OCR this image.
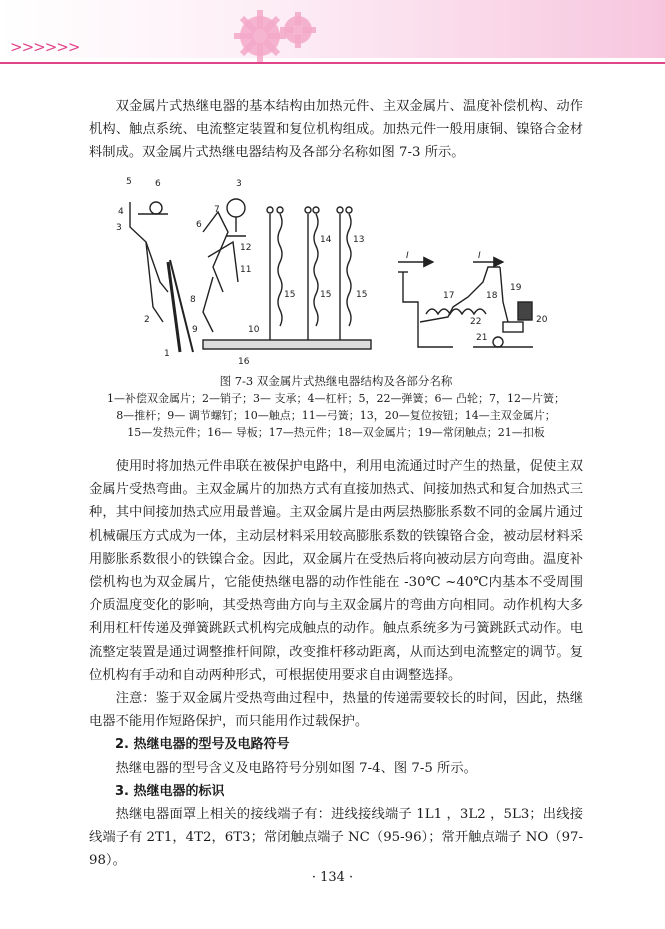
>>>>>>

双金属片式热继电器的基本结构由加热元件、主双金属片、温度补偿机构、动作机构、触点系统、电流整定装置和复位机构组成。加热元件一般用康铜、镍铬合金材料制成。双金属片式热继电器结构及各部分名称如图 7-3 所示。

5	6
3
4	7
6
12
11
3
2
8
9	10
1
16
14 13
15	15	15	17	18
19
20
22
21
I	I
图 7-3 双金属片式热继电器结构及各部分名称
1—补偿双金属片；2—销子；3— 支承；4—杠杆；5，22—弹簧；6— 凸轮；7，12—片簧；
8—推杆；9— 调节螺钉；10—触点；11—弓簧；13，20—复位按钮；14—主双金属片；
15—发热元件；16— 导板；17—热元件；18—双金属片；19—常闭触点；21—扣板

使用时将加热元件串联在被保护电路中，利用电流通过时产生的热量，促使主双金属片受热弯曲。主双金属片的加热方式有直接加热式、间接加热式和复合加热式三种，其中间接加热式应用最普遍。主双金属片是由两层热膨胀系数不同的金属片通过机械碾压方式成为一体，主动层材料采用较高膨胀系数的铁镍铬合金，被动层材料采用膨胀系数很小的铁镍合金。因此，双金属片在受热后将向被动层方向弯曲。温度补偿机构也为双金属片，它能使热继电器的动作性能在 -30℃ ~40℃内基本不受周围介质温度变化的影响，其受热弯曲方向与主双金属片的弯曲方向相同。动作机构大多利用杠杆传递及弹簧跳跃式机构完成触点的动作。触点系统多为弓簧跳跃式动作。电流整定装置是通过调整推杆间隙，改变推杆移动距离，从而达到电流整定的调节。复位机构有手动和自动两种形式，可根据使用要求自由调整选择。

注意：鉴于双金属片受热弯曲过程中，热量的传递需要较长的时间，因此，热继电器不能用作短路保护，而只能用作过载保护。

2. 热继电器的型号及电路符号

热继电器的型号含义及电路符号分别如图 7-4、图 7-5 所示。

3. 热继电器的标识

热继电器面罩上相关的接线端子有：进线接线端子 1L1 ，3L2 ，5L3；出线接线端子有 2T1，4T2，6T3；常闭触点端子 NC（95-96）；常开触点端子 NO（97-98）。

· 134 ·
